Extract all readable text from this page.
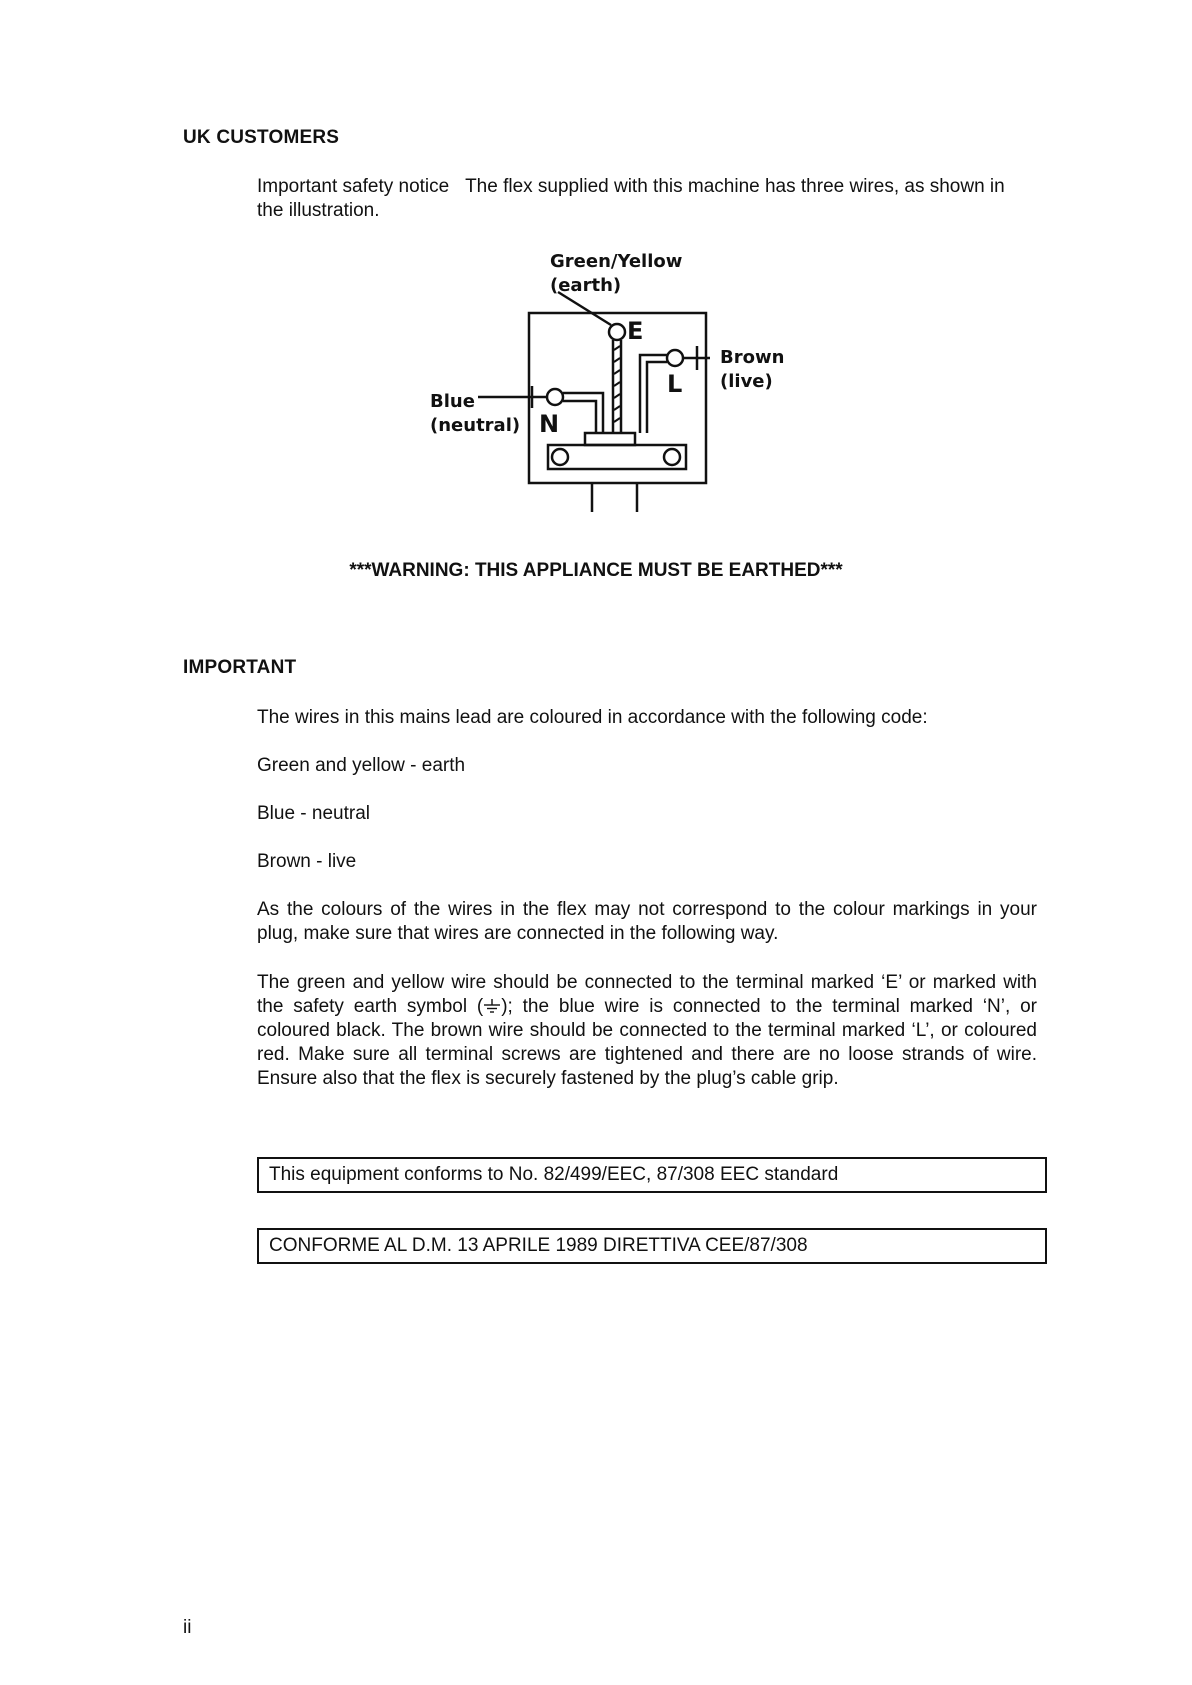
UK CUSTOMERS
Important safety notice The flex supplied with this machine has three wires, as shown in
the illustration.
Green/Yellow
(earth)
Brown
(live)
Blue
(neutral)
E
L
N
***WARNING: THIS APPLIANCE MUST BE EARTHED***
IMPORTANT
The wires in this mains lead are coloured in accordance with the following code:
Green and yellow - earth
Blue - neutral
Brown - live
As the colours of the wires in the flex may not correspond to the colour markings in your plug, make sure that wires are connected in the following way.
The green and yellow wire should be connected to the terminal marked ‘E’ or marked with the safety earth symbol ( ); the blue wire is connected to the terminal marked ‘N’, or coloured black. The brown wire should be connected to the terminal marked ‘L’, or coloured red. Make sure all terminal screws are tightened and there are no loose strands of wire. Ensure also that the flex is securely fastened by the plug’s cable grip.
This equipment conforms to No. 82/499/EEC, 87/308 EEC standard
CONFORME AL D.M. 13 APRILE 1989 DIRETTIVA CEE/87/308
ii
